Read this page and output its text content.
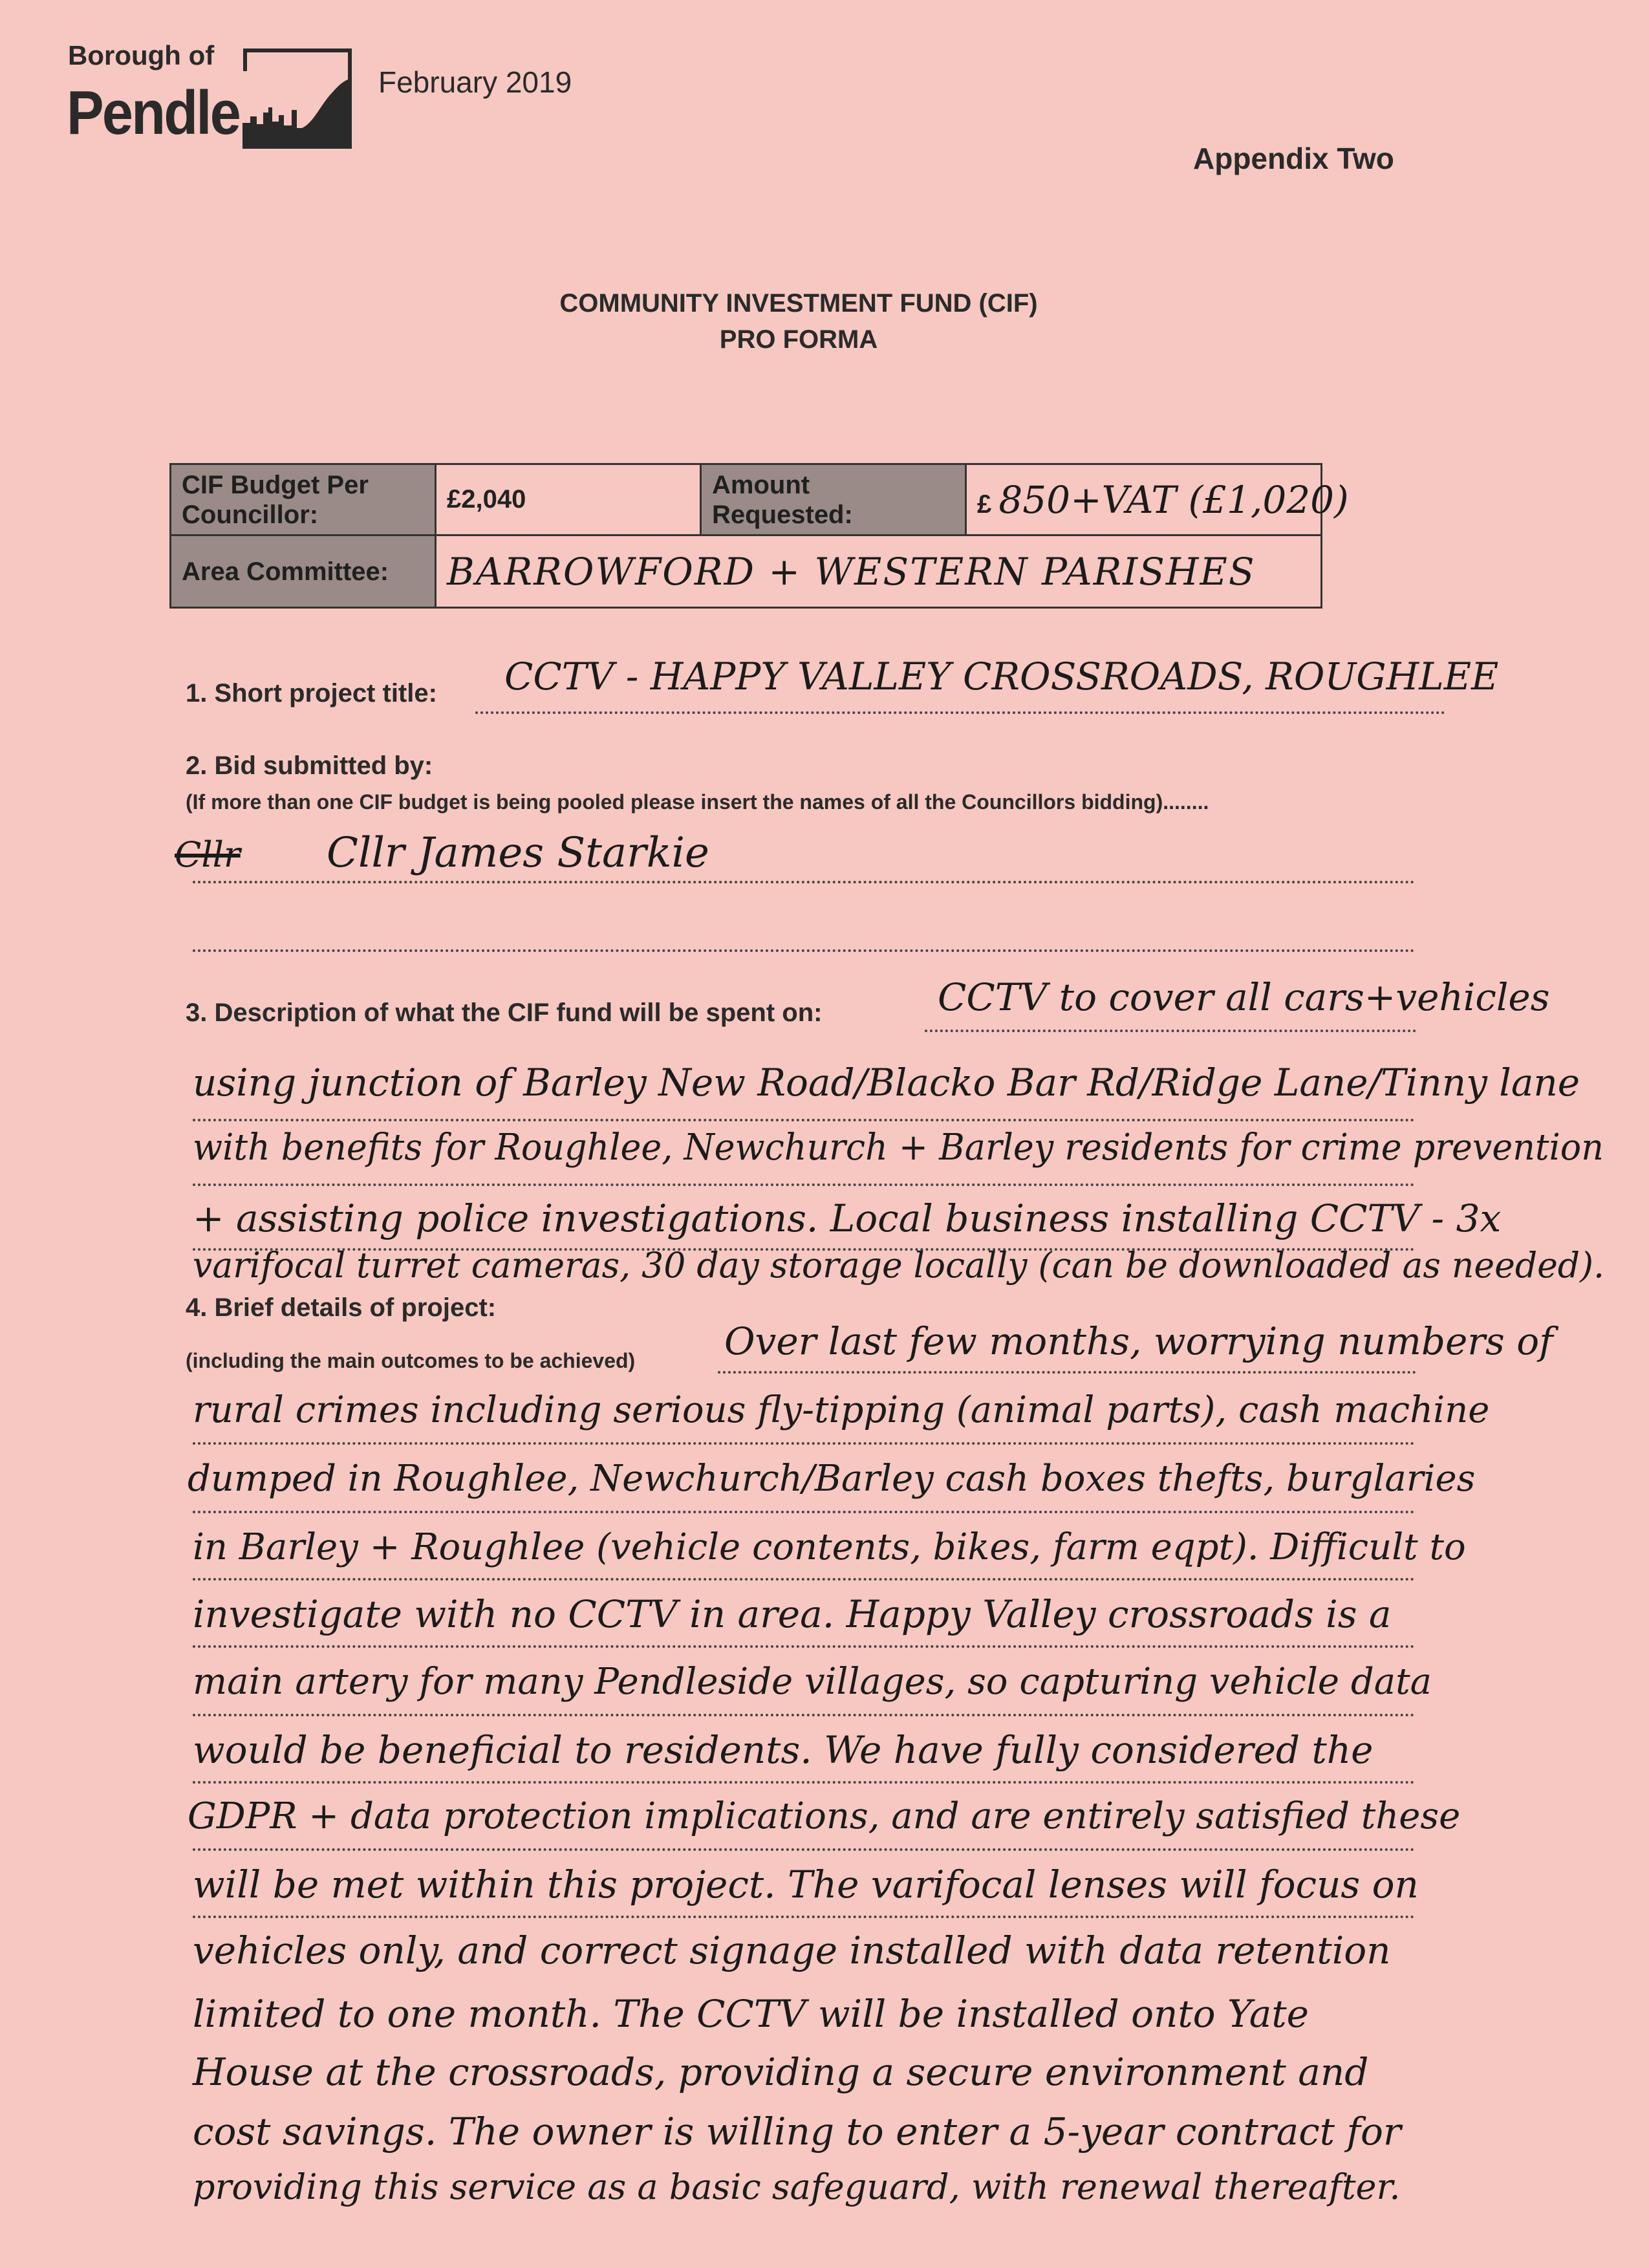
Borough of
Pendle	February 2019
Appendix Two
COMMUNITY INVESTMENT FUND (CIF)
PRO FORMA
CIF Budget Per Councillor:	£2,040	Amount Requested:	£ 850+VAT (£1,020)
Area Committee:	BARROWFORD + WESTERN PARISHES		
1. Short project title: CCTV - HAPPY VALLEY CROSSROADS, ROUGHLEE
2. Bid submitted by:
(If more than one CIF budget is being pooled please insert the names of all the Councillors bidding)........
Cllr Cllr James Starkie
3. Description of what the CIF fund will be spent on:	CCTV to cover all cars+vehicles
using junction of Barley New Road/Blacko Bar Rd/Ridge Lane/Tinny lane
with benefits for Roughlee, Newchurch + Barley residents for crime prevention
+ assisting police investigations. Local business installing CCTV - 3x
varifocal turret cameras, 30 day storage locally (can be downloaded as needed).
4. Brief details of project:
(including the main outcomes to be achieved) Over last few months, worrying numbers of
rural crimes including serious fly-tipping (animal parts), cash machine
dumped in Roughlee, Newchurch/Barley cash boxes thefts, burglaries
in Barley + Roughlee (vehicle contents, bikes, farm eqpt). Difficult to
investigate with no CCTV in area. Happy Valley crossroads is a
main artery for many Pendleside villages, so capturing vehicle data
would be beneficial to residents. We have fully considered the
GDPR + data protection implications, and are entirely satisfied these
will be met within this project. The varifocal lenses will focus on
vehicles only, and correct signage installed with data retention
limited to one month. The CCTV will be installed onto Yate
House at the crossroads, providing a secure environment and
cost savings. The owner is willing to enter a 5-year contract for
providing this service as a basic safeguard, with renewal thereafter.
